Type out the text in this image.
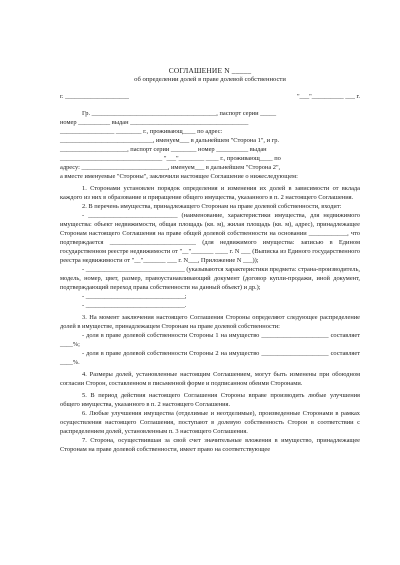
СОГЛАШЕНИЕ N _____

об определении долей в праве долевой собственности

г. ____________________	"___"__________ ___ г.

Гр. _______________________________________, паспорт серии _____

номер __________ выдан _____________________________________

_________________ ________ г., проживающ____ по адрес:

_____________________________, именуем___ в дальнейшем "Сторона 1", и гр.

_____________________, паспорт серии ________ номер __________ выдан

________________________________ "___"________ ____ г., проживающ____ по

адресу: ___________________________, именуем___ в дальнейшем "Сторона 2",

а вместе именуемые "Стороны", заключили настоящее Соглашение о нижеследующем:

1. Сторонами установлен порядок определения и изменения их долей в зависимости от вклада каждого из них в образование и приращение общего имущества, указанного в п. 2 настоящего Соглашения.

2. В перечень имущества, принадлежащего Сторонам на праве долевой собственности, входит:

- ____________________________ (наименование, характеристики имущества, для недвижимого имущества: объект недвижимости, общая площадь (кв. м), жилая площадь (кв. м), адрес), принадлежащее Сторонам настоящего Соглашения на праве общей долевой собственности на основании ____________, что подтверждается ___________________________ (для недвижимого имущества: записью в Едином государственном реестре недвижимости от "__"_______ ____ г. N ___ (Выписка из Единого государственного реестра недвижимости от "__"_______ ___ г. N___, Приложение N ___));

- _______________________________ (указываются характеристики предмета: страна-производитель, модель, номер, цвет, размер, правоустанавливающий документ (договор купли-продажи, иной документ, подтверждающий переход права собственности на данный объект) и др.);

- _______________________________;

- _______________________________.

3. На момент заключения настоящего Соглашения Стороны определяют следующее распределение долей в имуществе, принадлежащем Сторонам на праве долевой собственности:

- доля в праве долевой собственности Стороны 1 на имущество _____________________ составляет ____%;

- доля в праве долевой собственности Стороны 2 на имущество _____________________ составляет ____%.

4. Размеры долей, установленные настоящим Соглашением, могут быть изменены при обоюдном согласии Сторон, составленном в письменной форме и подписанном обеими Сторонами.

5. В период действия настоящего Соглашения Стороны вправе производить любые улучшения общего имущества, указанного в п. 2 настоящего Соглашения.

6. Любые улучшения имущества (отделимые и неотделимые), произведенные Сторонами в рамках осуществления настоящего Соглашения, поступают в долевую собственность Сторон в соответствии с распределением долей, установленным п. 3 настоящего Соглашения.

7. Сторона, осуществившая за свой счет значительные вложения в имущество, принадлежащее Сторонам на праве долевой собственности, имеет право на соответствующее
